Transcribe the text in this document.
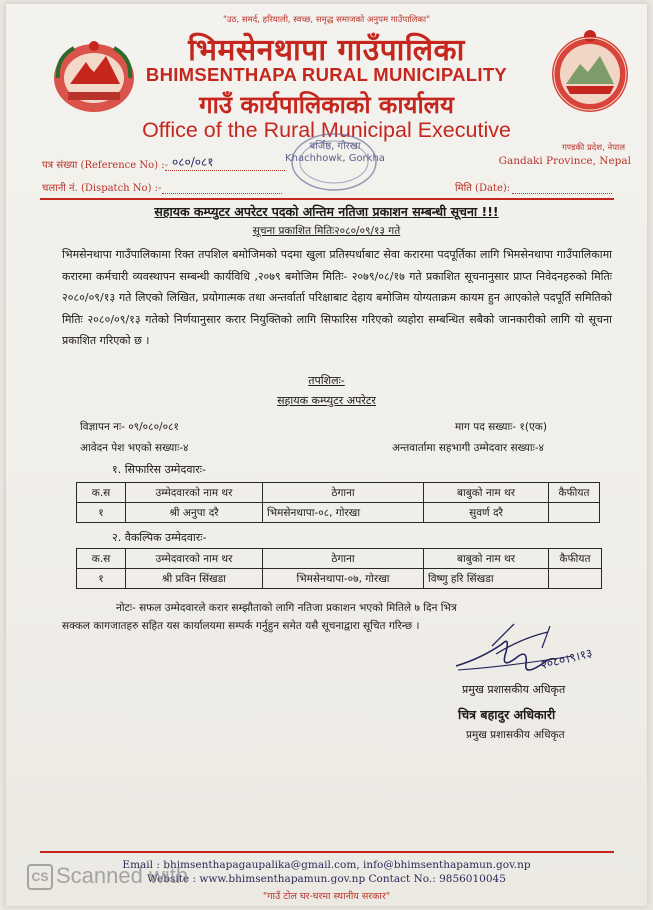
"उठ, समर्द, हरियाली, स्वच्छ, समृद्ध समाजको अनुपम गाउँपालिका"
भिमसेनथापा गाउँपालिका
BHIMSENTHAPA RURAL MUNICIPALITY
गाउँ कार्यपालिकाको कार्यालय
Office of the Rural Municipal Executive
गण्डकी प्रदेश, नेपाल
Gandaki Province, Nepal
बर्जिष्ठ, गोरखा
Khachhowk, Gorkha
पत्र संख्या (Reference No) :- ०८०/०८१
चलानी नं. (Dispatch No) :-	मिति (Date):
सहायक कम्प्युटर अपरेटर पदको अन्तिम नतिजा प्रकाशन सम्बन्धी सूचना !!!
सूचना प्रकाशित मितिः२०८०/०९/१३ गते
भिमसेनथापा गाउँपालिकामा रिक्त तपशिल बमोजिमको पदमा खुला प्रतिस्पर्धाबाट सेवा करारमा पदपूर्तिका लागि भिमसेनथापा गाउँपालिकामा करारमा कर्मचारी व्यवस्थापन सम्बन्धी कार्यविधि ,२०७९ बमोजिम मितिः- २०७९/०८/१७ गते प्रकाशित सूचनानुसार प्राप्त निवेदनहरुको मितिः २०८०/०९/१३ गते लिएको लिखित, प्रयोगात्मक तथा अन्तर्वार्ता परिक्षाबाट देहाय बमोजिम योग्यताक्रम कायम हुन आएकोले पदपूर्ति समितिको मितिः २०८०/०९/१३ गतेको निर्णयानुसार करार नियुक्तिको लागि सिफारिस गरिएको व्यहोरा सम्बन्धित सबैको जानकारीको लागि यो सूचना प्रकाशित गरिएको छ ।
तपशिलः-
सहायक कम्प्युटर अपरेटर
विज्ञापन नः- ०९/०८०/०८१	माग पद सख्याः- १(एक)
आवेदन पेश भएको सख्याः-४	अन्तवार्तामा सहभागी उम्मेदवार सख्याः-४
१. सिफारिस उम्मेदवारः-
क.स	उम्मेदवारको नाम थर	ठेगाना	बाबुको नाम थर	कैफीयत
१	श्री अनुपा दरै	भिमसेनथापा-०८, गोरखा	सुवर्ण दरै	
२. वैकल्पिक उम्मेदवारः-
क.स	उम्मेदवारको नाम थर	ठेगाना	बाबुको नाम थर	कैफीयत
१	श्री प्रविन सिंखडा	भिमसेनथापा-०७, गोरखा	विष्णु हरि सिंखडा	
नोटः- सफल उम्मेदवारले करार सम्झौताको लागि नतिजा प्रकाशन भएको मितिले ७ दिन भित्र
सक्कल कागजातहरु सहित यस कार्यालयमा सम्पर्क गर्नुहुन समेत यसै सूचनाद्वारा सूचित गरिन्छ ।
२०८०।९।१३
प्रमुख प्रशासकीय अधिकृत
चित्र बहादुर अधिकारी
प्रमुख प्रशासकीय अधिकृत
Email : bhimsenthapagaupalika@gmail.com, info@bhimsenthapamun.gov.np
Website : www.bhimsenthapamun.gov.np Contact No.: 9856010045
"गाउँ टोल घर-घरमा स्थानीय सरकार"
CS Scanned with
